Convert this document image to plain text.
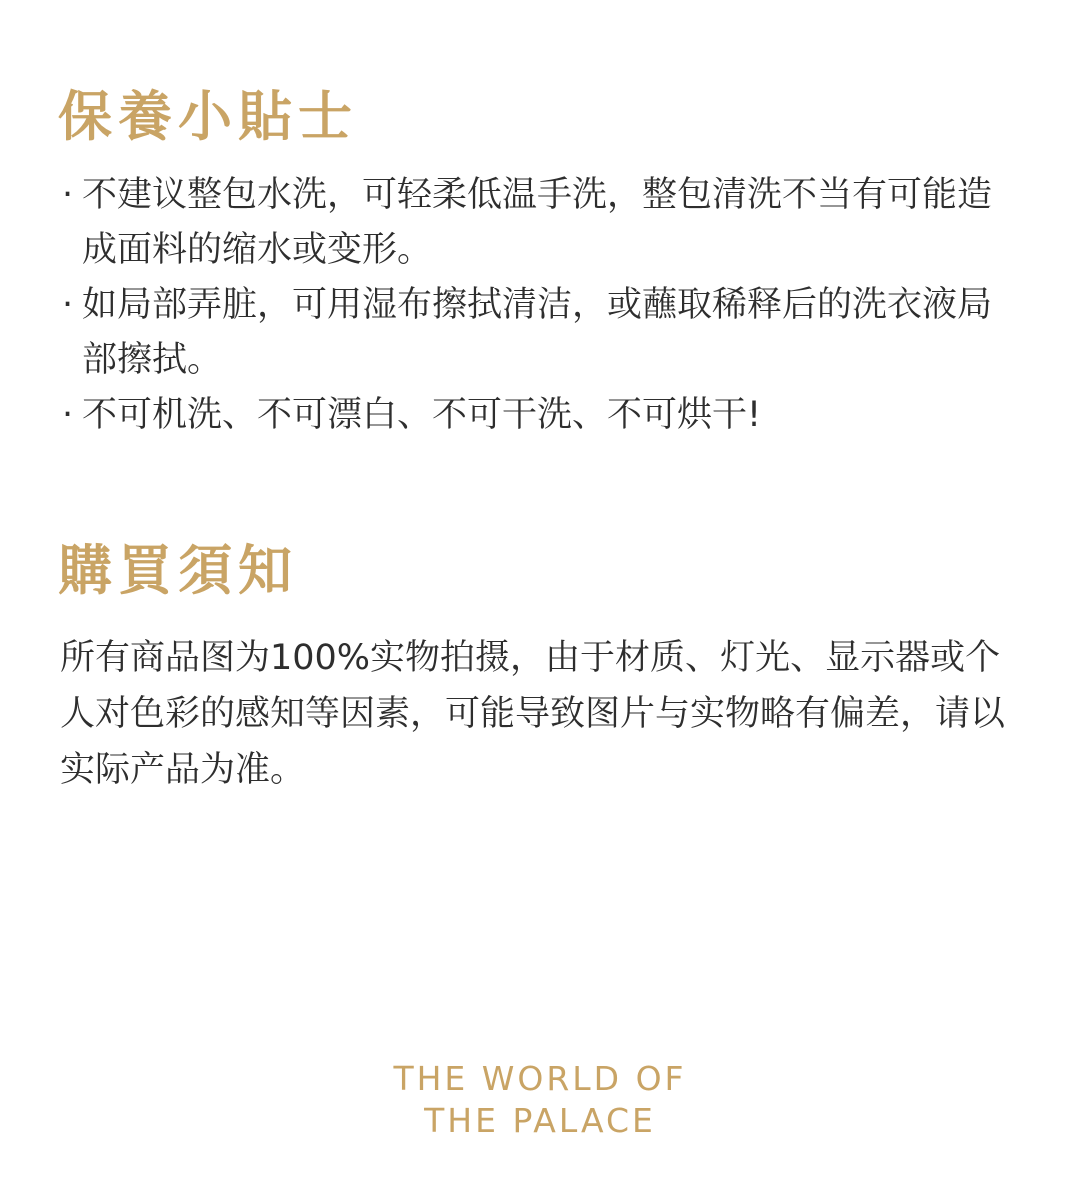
保養小貼士
· 不建议整包水洗，可轻柔低温手洗，整包清洗不当有可能造成面料的缩水或变形。
· 如局部弄脏，可用湿布擦拭清洁，或蘸取稀释后的洗衣液局部擦拭。
· 不可机洗、不可漂白、不可干洗、不可烘干!
購買須知

所有商品图为100%实物拍摄，由于材质、灯光、显示器或个人对色彩的感知等因素，可能导致图片与实物略有偏差，请以实际产品为准。

THE WORLD OF
THE PALACE
